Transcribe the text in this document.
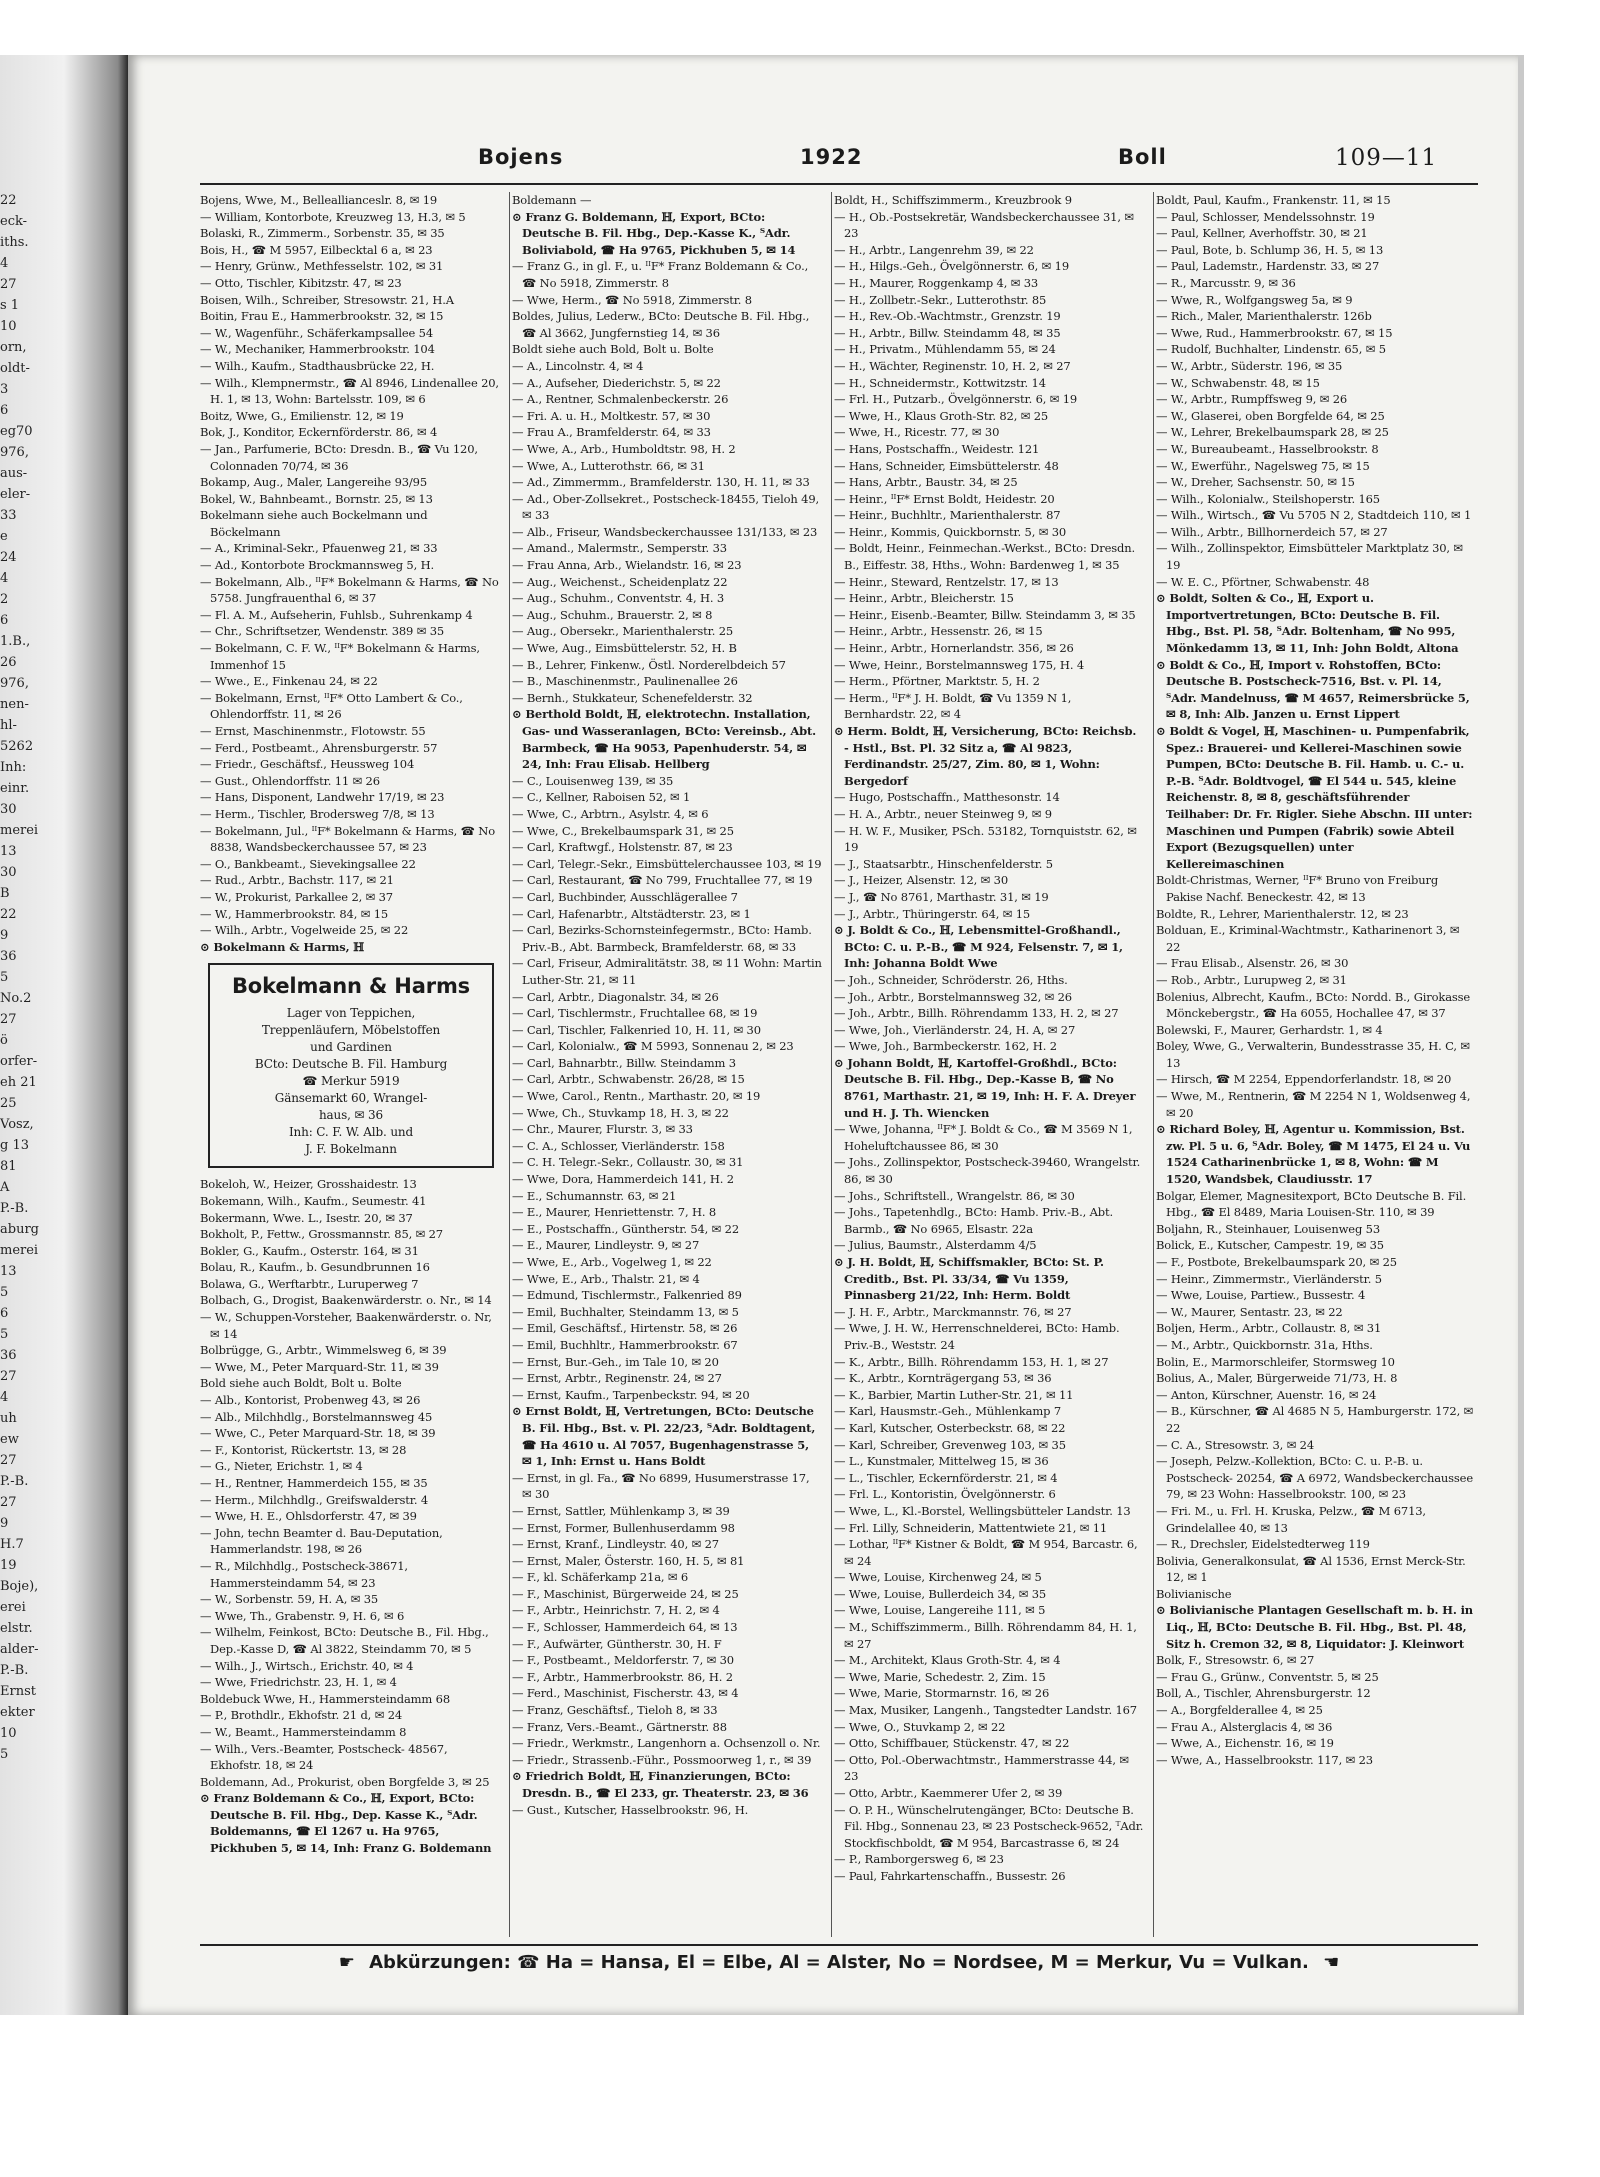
22
eck-
iths.
4
27
s 1
10
orn,
oldt-
3
6
eg70
976,
aus-
eler-
33
e
24
4
2
6
1.B.,
26
976,
nen-
hl-
5262
Inh:
einr.
30
merei
13
30
B
22
9
36
5
No.2
27
ö
orfer-
eh 21
25
Vosz,
g 13
81
A
P.-B.
aburg
merei
13
5
6
5
36
27
4
uh
ew
27
P.-B.
27
9
H.7
19
Boje),
erei
elstr.
alder-
P.-B.
Ernst
ekter
10
5
Bojens	1922	Boll	109—11
Bojens, Wwe, M., Belleallianceslr. 8, ✉ 19
— William, Kontorbote, Kreuzweg 13, H.3, ✉ 5
Bolaski, R., Zimmerm., Sorbenstr. 35, ✉ 35
Bois, H., ☎ M 5957, Eilbecktal 6 a, ✉ 23
— Henry, Grünw., Methfesselstr. 102, ✉ 31
— Otto, Tischler, Kibitzstr. 47, ✉ 23
Boisen, Wilh., Schreiber, Stresowstr. 21, H.A
Boitin, Frau E., Hammerbrookstr. 32, ✉ 15
— W., Wagenführ., Schäferkampsallee 54
— W., Mechaniker, Hammerbrookstr. 104
— Wilh., Kaufm., Stadthausbrücke 22, H.
— Wilh., Klempnermstr., ☎ Al 8946, Lindenallee 20, H. 1, ✉ 13, Wohn: Bartelsstr. 109, ✉ 6
Boitz, Wwe, G., Emilienstr. 12, ✉ 19
Bok, J., Konditor, Eckernförderstr. 86, ✉ 4
— Jan., Parfumerie, BCto: Dresdn. B., ☎ Vu 120, Colonnaden 70/74, ✉ 36
Bokamp, Aug., Maler, Langereihe 93/95
Bokel, W., Bahnbeamt., Bornstr. 25, ✉ 13
Bokelmann siehe auch Bockelmann und Böckelmann
— A., Kriminal-Sekr., Pfauenweg 21, ✉ 33
— Ad., Kontorbote Brockmannsweg 5, H.
— Bokelmann, Alb., ᴵᴵF* Bokelmann & Harms, ☎ No 5758. Jungfrauenthal 6, ✉ 37
— Fl. A. M., Aufseherin, Fuhlsb., Suhrenkamp 4
— Chr., Schriftsetzer, Wendenstr. 389 ✉ 35
— Bokelmann, C. F. W., ᴵᴵF* Bokelmann & Harms, Immenhof 15
— Wwe., E., Finkenau 24, ✉ 22
— Bokelmann, Ernst, ᴵᴵF* Otto Lambert & Co., Ohlendorffstr. 11, ✉ 26
— Ernst, Maschinenmstr., Flotowstr. 55
— Ferd., Postbeamt., Ahrensburgerstr. 57
— Friedr., Geschäftsf., Heussweg 104
— Gust., Ohlendorffstr. 11 ✉ 26
— Hans, Disponent, Landwehr 17/19, ✉ 23
— Herm., Tischler, Brodersweg 7/8, ✉ 13
— Bokelmann, Jul., ᴵᴵF* Bokelmann & Harms, ☎ No 8838, Wandsbeckerchaussee 57, ✉ 23
— O., Bankbeamt., Sievekingsallee 22
— Rud., Arbtr., Bachstr. 117, ✉ 21
— W., Prokurist, Parkallee 2, ✉ 37
— W., Hammerbrookstr. 84, ✉ 15
— Wilh., Arbtr., Vogelweide 25, ✉ 22
⊙ Bokelmann & Harms, ℍ
Bokelmann & Harms
Lager von Teppichen,
Treppenläufern, Möbelstoffen
und Gardinen
BCto: Deutsche B. Fil. Hamburg
☎ Merkur 5919
Gänsemarkt 60, Wrangel-
haus, ✉ 36
Inh: C. F. W. Alb. und
J. F. Bokelmann
Bokeloh, W., Heizer, Grosshaidestr. 13
Bokemann, Wilh., Kaufm., Seumestr. 41
Bokermann, Wwe. L., Isestr. 20, ✉ 37
Bokholt, P., Fettw., Grossmannstr. 85, ✉ 27
Bokler, G., Kaufm., Osterstr. 164, ✉ 31
Bolau, R., Kaufm., b. Gesundbrunnen 16
Bolawa, G., Werftarbtr., Luruperweg 7
Bolbach, G., Drogist, Baakenwärderstr. o. Nr., ✉ 14
— W., Schuppen-Vorsteher, Baakenwärderstr. o. Nr, ✉ 14
Bolbrügge, G., Arbtr., Wimmelsweg 6, ✉ 39
— Wwe, M., Peter Marquard-Str. 11, ✉ 39
Bold siehe auch Boldt, Bolt u. Bolte
— Alb., Kontorist, Probenweg 43, ✉ 26
— Alb., Milchhdlg., Borstelmannsweg 45
— Wwe, C., Peter Marquard-Str. 18, ✉ 39
— F., Kontorist, Rückertstr. 13, ✉ 28
— G., Nieter, Erichstr. 1, ✉ 4
— H., Rentner, Hammerdeich 155, ✉ 35
— Herm., Milchhdlg., Greifswalderstr. 4
— Wwe, H. E., Ohlsdorferstr. 47, ✉ 39
— John, techn Beamter d. Bau-Deputation, Hammerlandstr. 198, ✉ 26
— R., Milchhdlg., Postscheck-38671, Hammersteindamm 54, ✉ 23
— W., Sorbenstr. 59, H. A, ✉ 35
— Wwe, Th., Grabenstr. 9, H. 6, ✉ 6
— Wilhelm, Feinkost, BCto: Deutsche B., Fil. Hbg., Dep.-Kasse D, ☎ Al 3822, Steindamm 70, ✉ 5
— Wilh., J., Wirtsch., Erichstr. 40, ✉ 4
— Wwe, Friedrichstr. 23, H. 1, ✉ 4
Boldebuck Wwe, H., Hammersteindamm 68
— P., Brothdlr., Ekhofstr. 21 d, ✉ 24
— W., Beamt., Hammersteindamm 8
— Wilh., Vers.-Beamter, Postscheck- 48567, Ekhofstr. 18, ✉ 24
Boldemann, Ad., Prokurist, oben Borgfelde 3, ✉ 25
⊙ Franz Boldemann & Co., ℍ, Export, BCto: Deutsche B. Fil. Hbg., Dep. Kasse K., ᵀAdr. Boldemanns, ☎ El 1267 u. Ha 9765, Pickhuben 5, ✉ 14, Inh: Franz G. Boldemann
Boldemann —
⊙ Franz G. Boldemann, ℍ, Export, BCto: Deutsche B. Fil. Hbg., Dep.-Kasse K., ᵀAdr. Boliviabold, ☎ Ha 9765, Pickhuben 5, ✉ 14
— Franz G., in gl. F., u. ᴵᴵF* Franz Boldemann & Co., ☎ No 5918, Zimmerstr. 8
— Wwe, Herm., ☎ No 5918, Zimmerstr. 8
Boldes, Julius, Lederw., BCto: Deutsche B. Fil. Hbg., ☎ Al 3662, Jungfernstieg 14, ✉ 36
Boldt siehe auch Bold, Bolt u. Bolte
— A., Lincolnstr. 4, ✉ 4
— A., Aufseher, Diederichstr. 5, ✉ 22
— A., Rentner, Schmalenbeckerstr. 26
— Fri. A. u. H., Moltkestr. 57, ✉ 30
— Frau A., Bramfelderstr. 64, ✉ 33
— Wwe, A., Arb., Humboldtstr. 98, H. 2
— Wwe, A., Lutterothstr. 66, ✉ 31
— Ad., Zimmermm., Bramfelderstr. 130, H. 11, ✉ 33
— Ad., Ober-Zollsekret., Postscheck-18455, Tieloh 49, ✉ 33
— Alb., Friseur, Wandsbeckerchaussee 131/133, ✉ 23
— Amand., Malermstr., Semperstr. 33
— Frau Anna, Arb., Wielandstr. 16, ✉ 23
— Aug., Weichenst., Scheidenplatz 22
— Aug., Schuhm., Conventstr. 4, H. 3
— Aug., Schuhm., Brauerstr. 2, ✉ 8
— Aug., Obersekr., Marienthalerstr. 25
— Wwe, Aug., Eimsbüttelerstr. 52, H. B
— B., Lehrer, Finkenw., Östl. Norderelbdeich 57
— B., Maschinenmstr., Paulinenallee 26
— Bernh., Stukkateur, Schenefelderstr. 32
⊙ Berthold Boldt, ℍ, elektrotechn. Installation, Gas- und Wasseranlagen, BCto: Vereinsb., Abt. Barmbeck, ☎ Ha 9053, Papenhuderstr. 54, ✉ 24, Inh: Frau Elisab. Hellberg
— C., Louisenweg 139, ✉ 35
— C., Kellner, Raboisen 52, ✉ 1
— Wwe, C., Arbtrn., Asylstr. 4, ✉ 6
— Wwe, C., Brekelbaumspark 31, ✉ 25
— Carl, Kraftwgf., Holstenstr. 87, ✉ 23
— Carl, Telegr.-Sekr., Eimsbüttelerchaussee 103, ✉ 19
— Carl, Restaurant, ☎ No 799, Fruchtallee 77, ✉ 19
— Carl, Buchbinder, Ausschlägerallee 7
— Carl, Hafenarbtr., Altstädterstr. 23, ✉ 1
— Carl, Bezirks-Schornsteinfegermstr., BCto: Hamb. Priv.-B., Abt. Barmbeck, Bramfelderstr. 68, ✉ 33
— Carl, Friseur, Admiralitätstr. 38, ✉ 11 Wohn: Martin Luther-Str. 21, ✉ 11
— Carl, Arbtr., Diagonalstr. 34, ✉ 26
— Carl, Tischlermstr., Fruchtallee 68, ✉ 19
— Carl, Tischler, Falkenried 10, H. 11, ✉ 30
— Carl, Kolonialw., ☎ M 5993, Sonnenau 2, ✉ 23
— Carl, Bahnarbtr., Billw. Steindamm 3
— Carl, Arbtr., Schwabenstr. 26/28, ✉ 15
— Wwe, Carol., Rentn., Marthastr. 20, ✉ 19
— Wwe, Ch., Stuvkamp 18, H. 3, ✉ 22
— Chr., Maurer, Flurstr. 3, ✉ 33
— C. A., Schlosser, Vierländerstr. 158
— C. H. Telegr.-Sekr., Collaustr. 30, ✉ 31
— Wwe, Dora, Hammerdeich 141, H. 2
— E., Schumannstr. 63, ✉ 21
— E., Maurer, Henriettenstr. 7, H. 8
— E., Postschaffn., Güntherstr. 54, ✉ 22
— E., Maurer, Lindleystr. 9, ✉ 27
— Wwe, E., Arb., Vogelweg 1, ✉ 22
— Wwe, E., Arb., Thalstr. 21, ✉ 4
— Edmund, Tischlermstr., Falkenried 89
— Emil, Buchhalter, Steindamm 13, ✉ 5
— Emil, Geschäftsf., Hirtenstr. 58, ✉ 26
— Emil, Buchhltr., Hammerbrookstr. 67
— Ernst, Bur.-Geh., im Tale 10, ✉ 20
— Ernst, Arbtr., Reginenstr. 24, ✉ 27
— Ernst, Kaufm., Tarpenbeckstr. 94, ✉ 20
⊙ Ernst Boldt, ℍ, Vertretungen, BCto: Deutsche B. Fil. Hbg., Bst. v. Pl. 22/23, ᵀAdr. Boldtagent, ☎ Ha 4610 u. Al 7057, Bugenhagenstrasse 5, ✉ 1, Inh: Ernst u. Hans Boldt
— Ernst, in gl. Fa., ☎ No 6899, Husumerstrasse 17, ✉ 30
— Ernst, Sattler, Mühlenkamp 3, ✉ 39
— Ernst, Former, Bullenhuserdamm 98
— Ernst, Kranf., Lindleystr. 40, ✉ 27
— Ernst, Maler, Österstr. 160, H. 5, ✉ 81
— F., kl. Schäferkamp 21a, ✉ 6
— F., Maschinist, Bürgerweide 24, ✉ 25
— F., Arbtr., Heinrichstr. 7, H. 2, ✉ 4
— F., Schlosser, Hammerdeich 64, ✉ 13
— F., Aufwärter, Güntherstr. 30, H. F
— F., Postbeamt., Meldorferstr. 7, ✉ 30
— F., Arbtr., Hammerbrookstr. 86, H. 2
— Ferd., Maschinist, Fischerstr. 43, ✉ 4
— Franz, Geschäftsf., Tieloh 8, ✉ 33
— Franz, Vers.-Beamt., Gärtnerstr. 88
— Friedr., Werkmstr., Langenhorn a. Ochsenzoll o. Nr.
— Friedr., Strassenb.-Führ., Possmoorweg 1, r., ✉ 39
⊙ Friedrich Boldt, ℍ, Finanzierungen, BCto: Dresdn. B., ☎ El 233, gr. Theaterstr. 23, ✉ 36
— Gust., Kutscher, Hasselbrookstr. 96, H.
Boldt, H., Schiffszimmerm., Kreuzbrook 9
— H., Ob.-Postsekretär, Wandsbeckerchaussee 31, ✉ 23
— H., Arbtr., Langenrehm 39, ✉ 22
— H., Hilgs.-Geh., Övelgönnerstr. 6, ✉ 19
— H., Maurer, Roggenkamp 4, ✉ 33
— H., Zollbetr.-Sekr., Lutterothstr. 85
— H., Rev.-Ob.-Wachtmstr., Grenzstr. 19
— H., Arbtr., Billw. Steindamm 48, ✉ 35
— H., Privatm., Mühlendamm 55, ✉ 24
— H., Wächter, Reginenstr. 10, H. 2, ✉ 27
— H., Schneidermstr., Kottwitzstr. 14
— Frl. H., Putzarb., Övelgönnerstr. 6, ✉ 19
— Wwe, H., Klaus Groth-Str. 82, ✉ 25
— Wwe, H., Ricestr. 77, ✉ 30
— Hans, Postschaffn., Weidestr. 121
— Hans, Schneider, Eimsbüttelerstr. 48
— Hans, Arbtr., Baustr. 34, ✉ 25
— Heinr., ᴵᴵF* Ernst Boldt, Heidestr. 20
— Heinr., Buchhltr., Marienthalerstr. 87
— Heinr., Kommis, Quickbornstr. 5, ✉ 30
— Boldt, Heinr., Feinmechan.-Werkst., BCto: Dresdn. B., Eiffestr. 38, Hths., Wohn: Bardenweg 1, ✉ 35
— Heinr., Steward, Rentzelstr. 17, ✉ 13
— Heinr., Arbtr., Bleicherstr. 15
— Heinr., Eisenb.-Beamter, Billw. Steindamm 3, ✉ 35
— Heinr., Arbtr., Hessenstr. 26, ✉ 15
— Heinr., Arbtr., Hornerlandstr. 356, ✉ 26
— Wwe, Heinr., Borstelmannsweg 175, H. 4
— Herm., Pförtner, Marktstr. 5, H. 2
— Herm., ᴵᴵF* J. H. Boldt, ☎ Vu 1359 N 1, Bernhardstr. 22, ✉ 4
⊙ Herm. Boldt, ℍ, Versicherung, BCto: Reichsb. - Hstl., Bst. Pl. 32 Sitz a, ☎ Al 9823, Ferdinandstr. 25/27, Zim. 80, ✉ 1, Wohn: Bergedorf
— Hugo, Postschaffn., Matthesonstr. 14
— H. A., Arbtr., neuer Steinweg 9, ✉ 9
— H. W. F., Musiker, PSch. 53182, Tornquiststr. 62, ✉ 19
— J., Staatsarbtr., Hinschenfelderstr. 5
— J., Heizer, Alsenstr. 12, ✉ 30
— J., ☎ No 8761, Marthastr. 31, ✉ 19
— J., Arbtr., Thüringerstr. 64, ✉ 15
⊙ J. Boldt & Co., ℍ, Lebensmittel-Großhandl., BCto: C. u. P.-B., ☎ M 924, Felsenstr. 7, ✉ 1, Inh: Johanna Boldt Wwe
— Joh., Schneider, Schröderstr. 26, Hths.
— Joh., Arbtr., Borstelmannsweg 32, ✉ 26
— Joh., Arbtr., Billh. Röhrendamm 133, H. 2, ✉ 27
— Wwe, Joh., Vierländerstr. 24, H. A, ✉ 27
— Wwe, Joh., Barmbeckerstr. 162, H. 2
⊙ Johann Boldt, ℍ, Kartoffel-Großhdl., BCto: Deutsche B. Fil. Hbg., Dep.-Kasse B, ☎ No 8761, Marthastr. 21, ✉ 19, Inh: H. F. A. Dreyer und H. J. Th. Wiencken
— Wwe, Johanna, ᴵᴵF* J. Boldt & Co., ☎ M 3569 N 1, Hoheluftchaussee 86, ✉ 30
— Johs., Zollinspektor, Postscheck-39460, Wrangelstr. 86, ✉ 30
— Johs., Schriftstell., Wrangelstr. 86, ✉ 30
— Johs., Tapetenhdlg., BCto: Hamb. Priv.-B., Abt. Barmb., ☎ No 6965, Elsastr. 22a
— Julius, Baumstr., Alsterdamm 4/5
⊙ J. H. Boldt, ℍ, Schiffsmakler, BCto: St. P. Creditb., Bst. Pl. 33/34, ☎ Vu 1359, Pinnasberg 21/22, Inh: Herm. Boldt
— J. H. F., Arbtr., Marckmannstr. 76, ✉ 27
— Wwe, J. H. W., Herrenschnelderei, BCto: Hamb. Priv.-B., Weststr. 24
— K., Arbtr., Billh. Röhrendamm 153, H. 1, ✉ 27
— K., Arbtr., Kornträgergang 53, ✉ 36
— K., Barbier, Martin Luther-Str. 21, ✉ 11
— Karl, Hausmstr.-Geh., Mühlenkamp 7
— Karl, Kutscher, Osterbeckstr. 68, ✉ 22
— Karl, Schreiber, Grevenweg 103, ✉ 35
— L., Kunstmaler, Mittelweg 15, ✉ 36
— L., Tischler, Eckernförderstr. 21, ✉ 4
— Frl. L., Kontoristin, Övelgönnerstr. 6
— Wwe, L., Kl.-Borstel, Wellingsbütteler Landstr. 13
— Frl. Lilly, Schneiderin, Mattentwiete 21, ✉ 11
— Lothar, ᴵᴵF* Kistner & Boldt, ☎ M 954, Barcastr. 6, ✉ 24
— Wwe, Louise, Kirchenweg 24, ✉ 5
— Wwe, Louise, Bullerdeich 34, ✉ 35
— Wwe, Louise, Langereihe 111, ✉ 5
— M., Schiffszimmerm., Billh. Röhrendamm 84, H. 1, ✉ 27
— M., Architekt, Klaus Groth-Str. 4, ✉ 4
— Wwe, Marie, Schedestr. 2, Zim. 15
— Wwe, Marie, Stormarnstr. 16, ✉ 26
— Max, Musiker, Langenh., Tangstedter Landstr. 167
— Wwe, O., Stuvkamp 2, ✉ 22
— Otto, Schiffbauer, Stückenstr. 47, ✉ 22
— Otto, Pol.-Oberwachtmstr., Hammerstrasse 44, ✉ 23
— Otto, Arbtr., Kaemmerer Ufer 2, ✉ 39
— O. P. H., Wünschelrutengänger, BCto: Deutsche B. Fil. Hbg., Sonnenau 23, ✉ 23 Postscheck-9652, ᵀAdr. Stockfischboldt, ☎ M 954, Barcastrasse 6, ✉ 24
— P., Ramborgersweg 6, ✉ 23
— Paul, Fahrkartenschaffn., Bussestr. 26
Boldt, Paul, Kaufm., Frankenstr. 11, ✉ 15
— Paul, Schlosser, Mendelssohnstr. 19
— Paul, Kellner, Averhoffstr. 30, ✉ 21
— Paul, Bote, b. Schlump 36, H. 5, ✉ 13
— Paul, Lademstr., Hardenstr. 33, ✉ 27
— R., Marcusstr. 9, ✉ 36
— Wwe, R., Wolfgangsweg 5a, ✉ 9
— Rich., Maler, Marienthalerstr. 126b
— Wwe, Rud., Hammerbrookstr. 67, ✉ 15
— Rudolf, Buchhalter, Lindenstr. 65, ✉ 5
— W., Arbtr., Süderstr. 196, ✉ 35
— W., Schwabenstr. 48, ✉ 15
— W., Arbtr., Rumpffsweg 9, ✉ 26
— W., Glaserei, oben Borgfelde 64, ✉ 25
— W., Lehrer, Brekelbaumspark 28, ✉ 25
— W., Bureaubeamt., Hasselbrookstr. 8
— W., Ewerführ., Nagelsweg 75, ✉ 15
— W., Dreher, Sachsenstr. 50, ✉ 15
— Wilh., Kolonialw., Steilshoperstr. 165
— Wilh., Wirtsch., ☎ Vu 5705 N 2, Stadtdeich 110, ✉ 1
— Wilh., Arbtr., Billhornerdeich 57, ✉ 27
— Wilh., Zollinspektor, Eimsbütteler Marktplatz 30, ✉ 19
— W. E. C., Pförtner, Schwabenstr. 48
⊙ Boldt, Solten & Co., ℍ, Export u. Importvertretungen, BCto: Deutsche B. Fil. Hbg., Bst. Pl. 58, ᵀAdr. Boltenham, ☎ No 995, Mönkedamm 13, ✉ 11, Inh: John Boldt, Altona
⊙ Boldt & Co., ℍ, Import v. Rohstoffen, BCto: Deutsche B. Postscheck-7516, Bst. v. Pl. 14, ᵀAdr. Mandelnuss, ☎ M 4657, Reimersbrücke 5, ✉ 8, Inh: Alb. Janzen u. Ernst Lippert
⊙ Boldt & Vogel, ℍ, Maschinen- u. Pumpenfabrik, Spez.: Brauerei- und Kellerei-Maschinen sowie Pumpen, BCto: Deutsche B. Fil. Hamb. u. C.- u. P.-B. ᵀAdr. Boldtvogel, ☎ El 544 u. 545, kleine Reichenstr. 8, ✉ 8, geschäftsführender Teilhaber: Dr. Fr. Rigler. Siehe Abschn. III unter: Maschinen und Pumpen (Fabrik) sowie Abteil Export (Bezugsquellen) unter Kellereimaschinen
Boldt-Christmas, Werner, ᴵᴵF* Bruno von Freiburg Pakise Nachf. Beneckestr. 42, ✉ 13
Boldte, R., Lehrer, Marienthalerstr. 12, ✉ 23
Bolduan, E., Kriminal-Wachtmstr., Katharinenort 3, ✉ 22
— Frau Elisab., Alsenstr. 26, ✉ 30
— Rob., Arbtr., Lurupweg 2, ✉ 31
Bolenius, Albrecht, Kaufm., BCto: Nordd. B., Girokasse Mönckebergstr., ☎ Ha 6055, Hochallee 47, ✉ 37
Bolewski, F., Maurer, Gerhardstr. 1, ✉ 4
Boley, Wwe, G., Verwalterin, Bundesstrasse 35, H. C, ✉ 13
— Hirsch, ☎ M 2254, Eppendorferlandstr. 18, ✉ 20
— Wwe, M., Rentnerin, ☎ M 2254 N 1, Woldsenweg 4, ✉ 20
⊙ Richard Boley, ℍ, Agentur u. Kommission, Bst. zw. Pl. 5 u. 6, ᵀAdr. Boley, ☎ M 1475, El 24 u. Vu 1524 Catharinenbrücke 1, ✉ 8, Wohn: ☎ M 1520, Wandsbek, Claudiusstr. 17
Bolgar, Elemer, Magnesitexport, BCto Deutsche B. Fil. Hbg., ☎ El 8489, Maria Louisen-Str. 110, ✉ 39
Boljahn, R., Steinhauer, Louisenweg 53
Bolick, E., Kutscher, Campestr. 19, ✉ 35
— F., Postbote, Brekelbaumspark 20, ✉ 25
— Heinr., Zimmermstr., Vierländerstr. 5
— Wwe, Louise, Partiew., Bussestr. 4
— W., Maurer, Sentastr. 23, ✉ 22
Boljen, Herm., Arbtr., Collaustr. 8, ✉ 31
— M., Arbtr., Quickbornstr. 31a, Hths.
Bolin, E., Marmorschleifer, Stormsweg 10
Bolius, A., Maler, Bürgerweide 71/73, H. 8
— Anton, Kürschner, Auenstr. 16, ✉ 24
— B., Kürschner, ☎ Al 4685 N 5, Hamburgerstr. 172, ✉ 22
— C. A., Stresowstr. 3, ✉ 24
— Joseph, Pelzw.-Kollektion, BCto: C. u. P.-B. u. Postscheck- 20254, ☎ A 6972, Wandsbeckerchaussee 79, ✉ 23 Wohn: Hasselbrookstr. 100, ✉ 23
— Fri. M., u. Frl. H. Kruska, Pelzw., ☎ M 6713, Grindelallee 40, ✉ 13
— R., Drechsler, Eidelstedterweg 119
Bolivia, Generalkonsulat, ☎ Al 1536, Ernst Merck-Str. 12, ✉ 1
Bolivianische
⊙ Bolivianische Plantagen Gesellschaft m. b. H. in Liq., ℍ, BCto: Deutsche B. Fil. Hbg., Bst. Pl. 48, Sitz h. Cremon 32, ✉ 8, Liquidator: J. Kleinwort
Bolk, F., Stresowstr. 6, ✉ 27
— Frau G., Grünw., Conventstr. 5, ✉ 25
Boll, A., Tischler, Ahrensburgerstr. 12
— A., Borgfelderallee 4, ✉ 25
— Frau A., Alsterglacis 4, ✉ 36
— Wwe, A., Eichenstr. 16, ✉ 19
— Wwe, A., Hasselbrookstr. 117, ✉ 23
☛ Abkürzungen: ☎ Ha = Hansa, El = Elbe, Al = Alster, No = Nordsee, M = Merkur, Vu = Vulkan. ☚
